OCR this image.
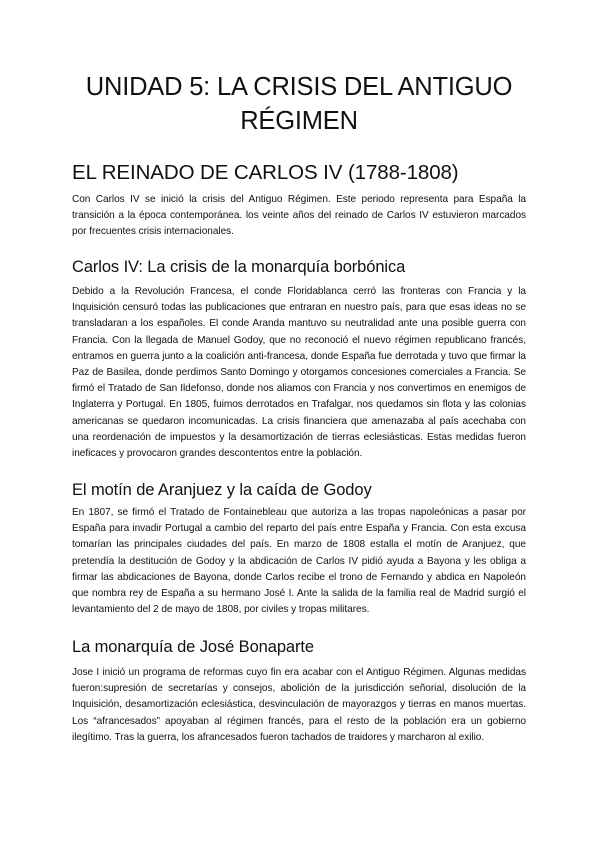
UNIDAD 5: LA CRISIS DEL ANTIGUO RÉGIMEN
EL REINADO DE CARLOS IV (1788-1808)

Con Carlos IV se inició la crisis del Antiguo Régimen. Este periodo representa para España la transición a la época contemporánea. los veinte años del reinado de Carlos IV estuvieron marcados por frecuentes crisis internacionales.

Carlos IV: La crisis de la monarquía borbónica

Debido a la Revolución Francesa, el conde Floridablanca cerró las fronteras con Francia y la Inquisición censuró todas las publicaciones que entraran en nuestro país, para que esas ideas no se transladaran a los españoles. El conde Aranda mantuvo su neutralidad ante una posible guerra con Francia. Con la llegada de Manuel Godoy, que no reconoció el nuevo régimen republicano francés, entramos en guerra junto a la coalición anti-francesa, donde España fue derrotada y tuvo que firmar la Paz de Basilea, donde perdimos Santo Domingo y otorgamos concesiones comerciales a Francia. Se firmó el Tratado de San Ildefonso, donde nos aliamos con Francia y nos convertimos en enemigos de Inglaterra y Portugal. En 1805, fuimos derrotados en Trafalgar, nos quedamos sin flota y las colonias americanas se quedaron incomunicadas. La crisis financiera que amenazaba al país acechaba con una reordenación de impuestos y la desamortización de tierras eclesiásticas. Estas medidas fueron ineficaces y provocaron grandes descontentos entre la población.

El motín de Aranjuez y la caída de Godoy

En 1807, se firmó el Tratado de Fontainebleau que autoriza a las tropas napoleónicas a pasar por España para invadir Portugal a cambio del reparto del país entre España y Francia. Con esta excusa tomarían las principales ciudades del país. En marzo de 1808 estalla el motín de Aranjuez, que pretendía la destitución de Godoy y la abdicación de Carlos IV pidió ayuda a Bayona y les obliga a firmar las abdicaciones de Bayona, donde Carlos recibe el trono de Fernando y abdica en Napoleón que nombra rey de España a su hermano José I. Ante la salida de la familia real de Madrid surgió el levantamiento del 2 de mayo de 1808, por civiles y tropas militares.

La monarquía de José Bonaparte

Jose I inició un programa de reformas cuyo fin era acabar con el Antiguo Régimen. Algunas medidas fueron:supresión de secretarías y consejos, abolición de la jurisdicción señorial, disolución de la Inquisición, desamortización eclesiástica, desvinculación de mayorazgos y tierras en manos muertas. Los “afrancesados” apoyaban al régimen francés, para el resto de la población era un gobierno ilegítimo. Tras la guerra, los afrancesados fueron tachados de traidores y marcharon al exilio.
